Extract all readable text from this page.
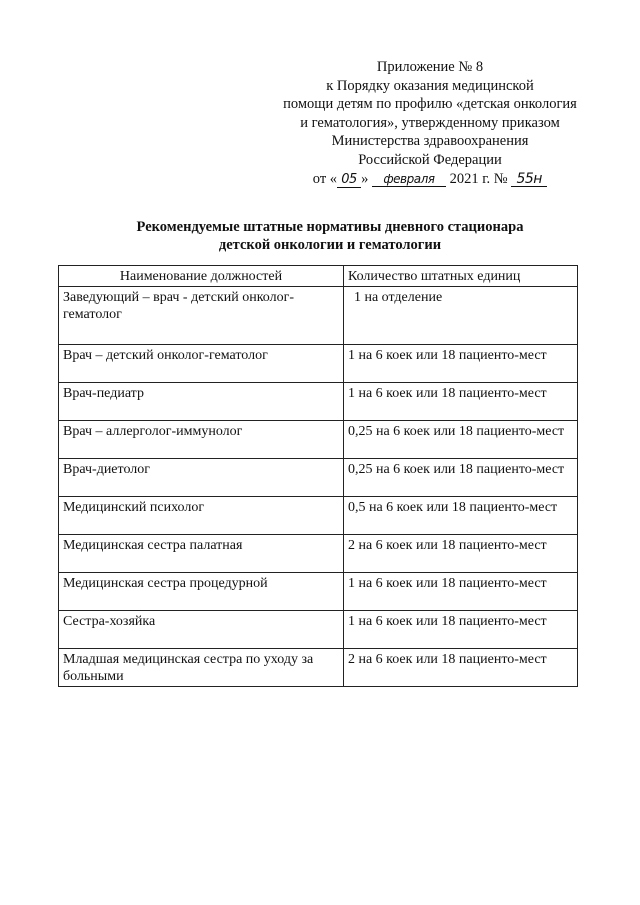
Приложение № 8
к Порядку оказания медицинской
помощи детям по профилю «детская онкология
и гематология», утвержденному приказом
Министерства здравоохранения
Российской Федерации
от « 05 » февраля 2021 г. № 55н
Рекомендуемые штатные нормативы дневного стационара
детской онкологии и гематологии
Наименование должностей	Количество штатных единиц
Заведующий – врач - детский онколог-гематолог	1 на отделение
Врач – детский онколог-гематолог	1 на 6 коек или 18 пациенто-мест
Врач-педиатр	1 на 6 коек или 18 пациенто-мест
Врач – аллерголог-иммунолог	0,25 на 6 коек или 18 пациенто-мест
Врач-диетолог	0,25 на 6 коек или 18 пациенто-мест
Медицинский психолог	0,5 на 6 коек или 18 пациенто-мест
Медицинская сестра палатная	2 на 6 коек или 18 пациенто-мест
Медицинская сестра процедурной	1 на 6 коек или 18 пациенто-мест
Сестра-хозяйка	1 на 6 коек или 18 пациенто-мест
Младшая медицинская сестра по уходу за больными	2 на 6 коек или 18 пациенто-мест
